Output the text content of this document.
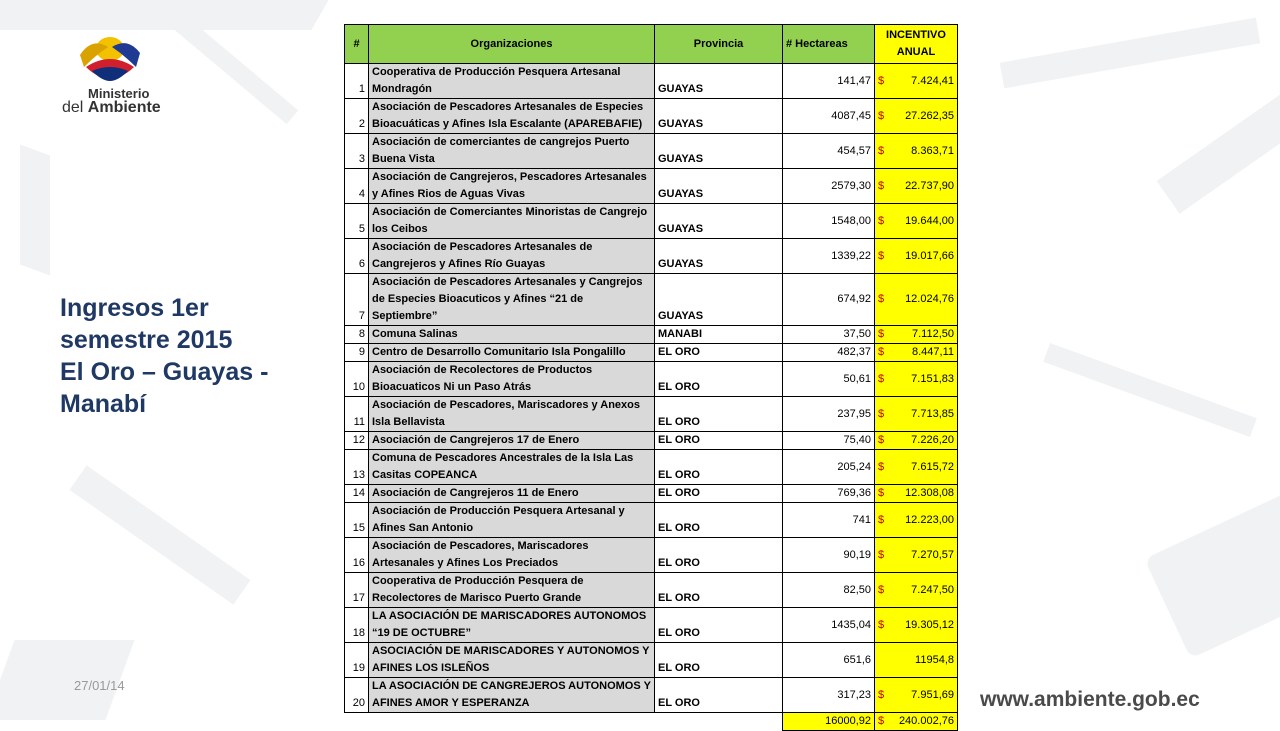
Ministerio
del Ambiente
Ingresos 1er
semestre 2015
El Oro – Guayas -
Manabí
#	Organizaciones	Provincia	# Hectareas	INCENTIVO
ANUAL

1	Cooperativa de Producción Pesquera Artesanal Mondragón	GUAYAS	141,47	$ 7.424,41
2	Asociación de Pescadores Artesanales de Especies Bioacuáticas y Afines Isla Escalante (APAREBAFIE)	GUAYAS	4087,45	$ 27.262,35
3	Asociación de comerciantes de cangrejos Puerto Buena Vista	GUAYAS	454,57	$ 8.363,71
4	Asociación de Cangrejeros, Pescadores Artesanales y Afines Rios de Aguas Vivas	GUAYAS	2579,30	$ 22.737,90
5	Asociación de Comerciantes Minoristas de Cangrejo los Ceibos	GUAYAS	1548,00	$ 19.644,00
6	Asociación de Pescadores Artesanales de Cangrejeros y Afines Río Guayas	GUAYAS	1339,22	$ 19.017,66
7	Asociación de Pescadores Artesanales y Cangrejos de Especies Bioacuticos y Afines “21 de Septiembre”	GUAYAS	674,92	$ 12.024,76
8	Comuna Salinas	MANABI	37,50	$ 7.112,50
9	Centro de Desarrollo Comunitario Isla Pongalillo	EL ORO	482,37	$ 8.447,11
10	Asociación de Recolectores de Productos Bioacuaticos Ni un Paso Atrás	EL ORO	50,61	$ 7.151,83
11	Asociación de Pescadores, Mariscadores y Anexos Isla Bellavista	EL ORO	237,95	$ 7.713,85
12	Asociación de Cangrejeros 17 de Enero	EL ORO	75,40	$ 7.226,20
13	Comuna de Pescadores Ancestrales de la Isla Las Casitas COPEANCA	EL ORO	205,24	$ 7.615,72
14	Asociación de Cangrejeros 11 de Enero	EL ORO	769,36	$ 12.308,08
15	Asociación de Producción Pesquera Artesanal y Afines San Antonio	EL ORO	741	$ 12.223,00
16	Asociación de Pescadores, Mariscadores Artesanales y Afines Los Preciados	EL ORO	90,19	$ 7.270,57
17	Cooperativa de Producción Pesquera de Recolectores de Marisco Puerto Grande	EL ORO	82,50	$ 7.247,50
18	LA ASOCIACIÓN DE MARISCADORES AUTONOMOS “19 DE OCTUBRE”	EL ORO	1435,04	$ 19.305,12
19	ASOCIACIÓN DE MARISCADORES Y AUTONOMOS Y AFINES LOS ISLEÑOS	EL ORO	651,6	11954,8
20	LA ASOCIACIÓN DE CANGREJEROS AUTONOMOS Y AFINES AMOR Y ESPERANZA	EL ORO	317,23	$ 7.951,69
			16000,92	$ 240.002,76
27/01/14
www.ambiente.gob.ec
